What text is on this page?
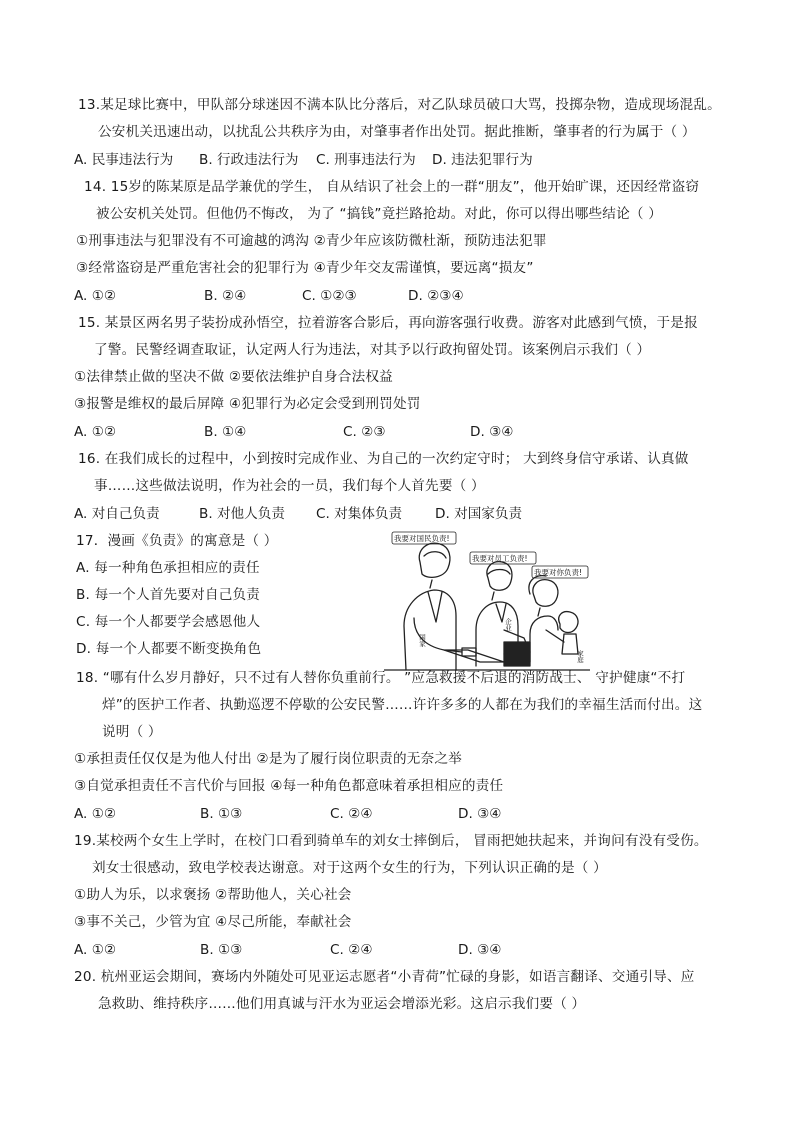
13.某足球比赛中，甲队部分球迷因不满本队比分落后，对乙队球员破口大骂，投掷杂物，造成现场混乱。
公安机关迅速出动，以扰乱公共秩序为由，对肇事者作出处罚。据此推断，肇事者的行为属于（ ）
A. 民事违法行为 B. 行政违法行为 C. 刑事违法行为 D. 违法犯罪行为
14. 15岁的陈某原是品学兼优的学生， 自从结识了社会上的一群“朋友”，他开始旷课，还因经常盗窃
被公安机关处罚。但他仍不悔改， 为了 “搞钱”竟拦路抢劫。对此，你可以得出哪些结论（ ）
①刑事违法与犯罪没有不可逾越的鸿沟 ②青少年应该防微杜渐，预防违法犯罪
③经常盗窃是严重危害社会的犯罪行为 ④青少年交友需谨慎，要远离“损友”
A. ①②	B. ②④	C. ①②③	D. ②③④
15. 某景区两名男子装扮成孙悟空，拉着游客合影后，再向游客强行收费。游客对此感到气愤，于是报
了警。民警经调查取证，认定两人行为违法，对其予以行政拘留处罚。该案例启示我们（ ）
①法律禁止做的坚决不做 ②要依法维护自身合法权益
③报警是维权的最后屏障 ④犯罪行为必定会受到刑罚处罚
A. ①②	B. ①④	C. ②③	D. ③④
16. 在我们成长的过程中，小到按时完成作业、为自己的一次约定守时； 大到终身信守承诺、认真做
事……这些做法说明，作为社会的一员，我们每个人首先要（ ）
A. 对自己负责	B. 对他人负责 C. 对集体负责 D. 对国家负责
17．漫画《负责》的寓意是（ ）
A. 每一种角色承担相应的责任
B. 每一个人首先要对自己负责
C. 每一个人都要学会感恩他人
D. 每一个人都要不断变换角色
我要对国民负责!
我要对员工负责!
我要对你负责!
国家
企业
家庭
18. “哪有什么岁月静好，只不过有人替你负重前行。 ”应急救援不后退的消防战士、 守护健康“不打
烊”的医护工作者、执勤巡逻不停歇的公安民警……许许多多的人都在为我们的幸福生活而付出。这
说明（ ）
①承担责任仅仅是为他人付出 ②是为了履行岗位职责的无奈之举
③自觉承担责任不言代价与回报 ④每一种角色都意味着承担相应的责任
A. ①②	B. ①③	C. ②④	D. ③④
19.某校两个女生上学时，在校门口看到骑单车的刘女士摔倒后， 冒雨把她扶起来，并询问有没有受伤。
刘女士很感动，致电学校表达谢意。对于这两个女生的行为，下列认识正确的是（ ）
①助人为乐，以求褒扬 ②帮助他人，关心社会
③事不关己，少管为宜 ④尽己所能，奉献社会
A. ①②	B. ①③	C. ②④	D. ③④
20. 杭州亚运会期间，赛场内外随处可见亚运志愿者“小青荷”忙碌的身影，如语言翻译、交通引导、应
急救助、维持秩序……他们用真诚与汗水为亚运会增添光彩。这启示我们要（ ）
